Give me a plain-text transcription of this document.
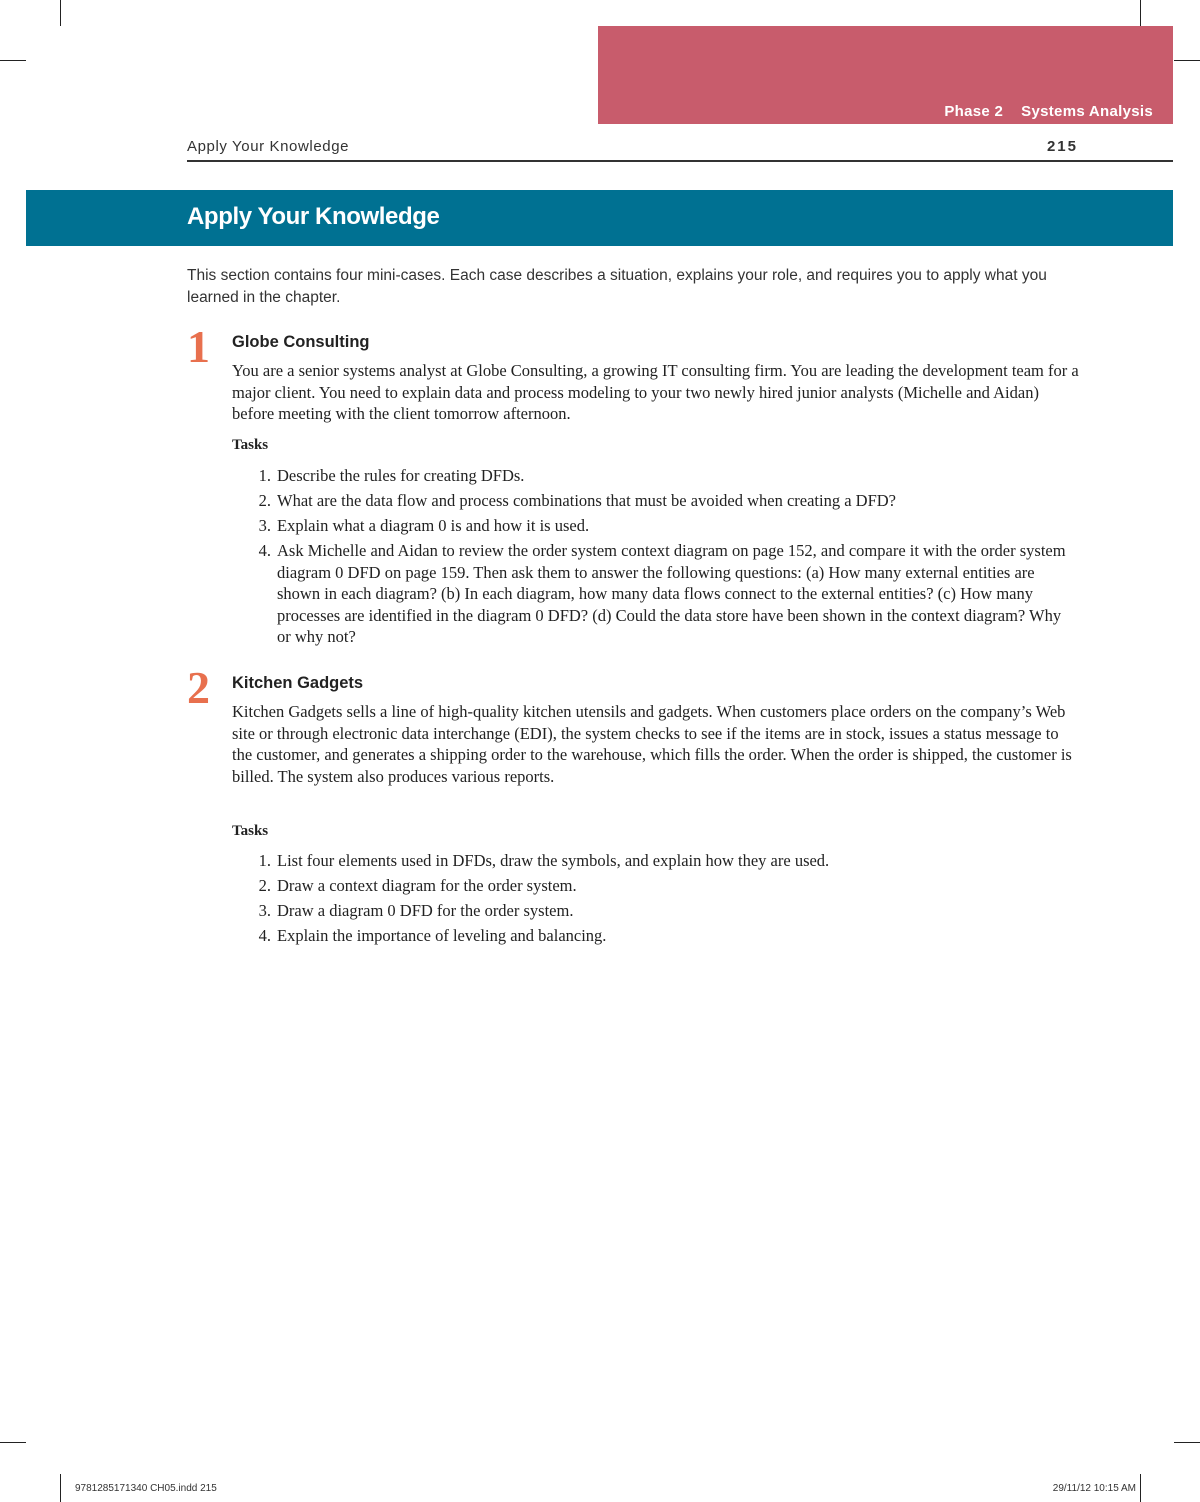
Phase 2 Systems Analysis
Apply Your Knowledge	215
Apply Your Knowledge
This section contains four mini-cases. Each case describes a situation, explains your role, and requires you to apply what you learned in the chapter.
1 Globe Consulting
You are a senior systems analyst at Globe Consulting, a growing IT consulting firm. You are leading the development team for a major client. You need to explain data and process modeling to your two newly hired junior analysts (Michelle and Aidan) before meeting with the client tomorrow afternoon.
Tasks
1 . Describe the rules for creating DFDs.
2 . What are the data flow and process combinations that must be avoided when creating a DFD?
3 . Explain what a diagram 0 is and how it is used.
4 . Ask Michelle and Aidan to review the order system context diagram on page 152, and compare it with the order system diagram 0 DFD on page 159. Then ask them to answer the following questions: (a) How many external entities are shown in each diagram? (b) In each diagram, how many data flows connect to the external entities? (c) How many processes are identified in the diagram 0 DFD? (d) Could the data store have been shown in the context diagram? Why or why not?
2 Kitchen Gadgets
Kitchen Gadgets sells a line of high-quality kitchen utensils and gadgets. When customers place orders on the company’s Web site or through electronic data interchange (EDI), the system checks to see if the items are in stock, issues a status message to the customer, and generates a shipping order to the warehouse, which fills the order. When the order is shipped, the customer is billed. The system also produces various reports.
Tasks
1 . List four elements used in DFDs, draw the symbols, and explain how they are used.
2 . Draw a context diagram for the order system.
3 . Draw a diagram 0 DFD for the order system.
4 . Explain the importance of leveling and balancing.
9781285171340 CH05.indd 215	29/11/12 10:15 AM
